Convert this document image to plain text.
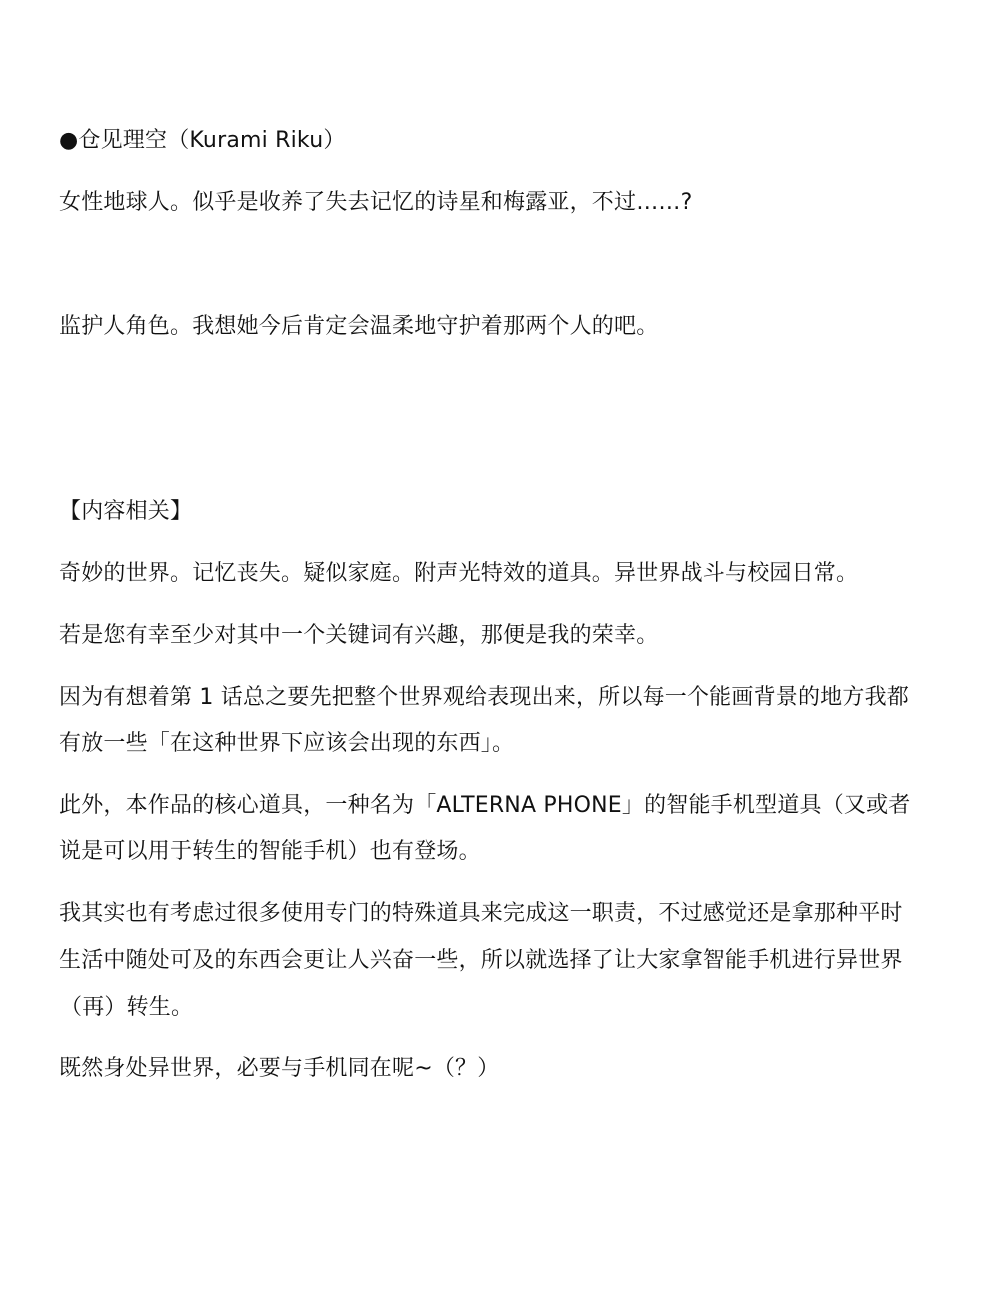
●仓见理空（Kurami Riku）
女性地球人。似乎是收养了失去记忆的诗星和梅露亚，不过……?
监护人角色。我想她今后肯定会温柔地守护着那两个人的吧。
【内容相关】
奇妙的世界。记忆丧失。疑似家庭。附声光特效的道具。异世界战斗与校园日常。
若是您有幸至少对其中一个关键词有兴趣，那便是我的荣幸。
因为有想着第 1 话总之要先把整个世界观给表现出来，所以每一个能画背景的地方我都
有放一些「在这种世界下应该会出现的东西」。
此外，本作品的核心道具，一种名为「ALTERNA PHONE」的智能手机型道具（又或者
说是可以用于转生的智能手机）也有登场。
我其实也有考虑过很多使用专门的特殊道具来完成这一职责，不过感觉还是拿那种平时
生活中随处可及的东西会更让人兴奋一些，所以就选择了让大家拿智能手机进行异世界
（再）转生。
既然身处异世界，必要与手机同在呢~（？）
